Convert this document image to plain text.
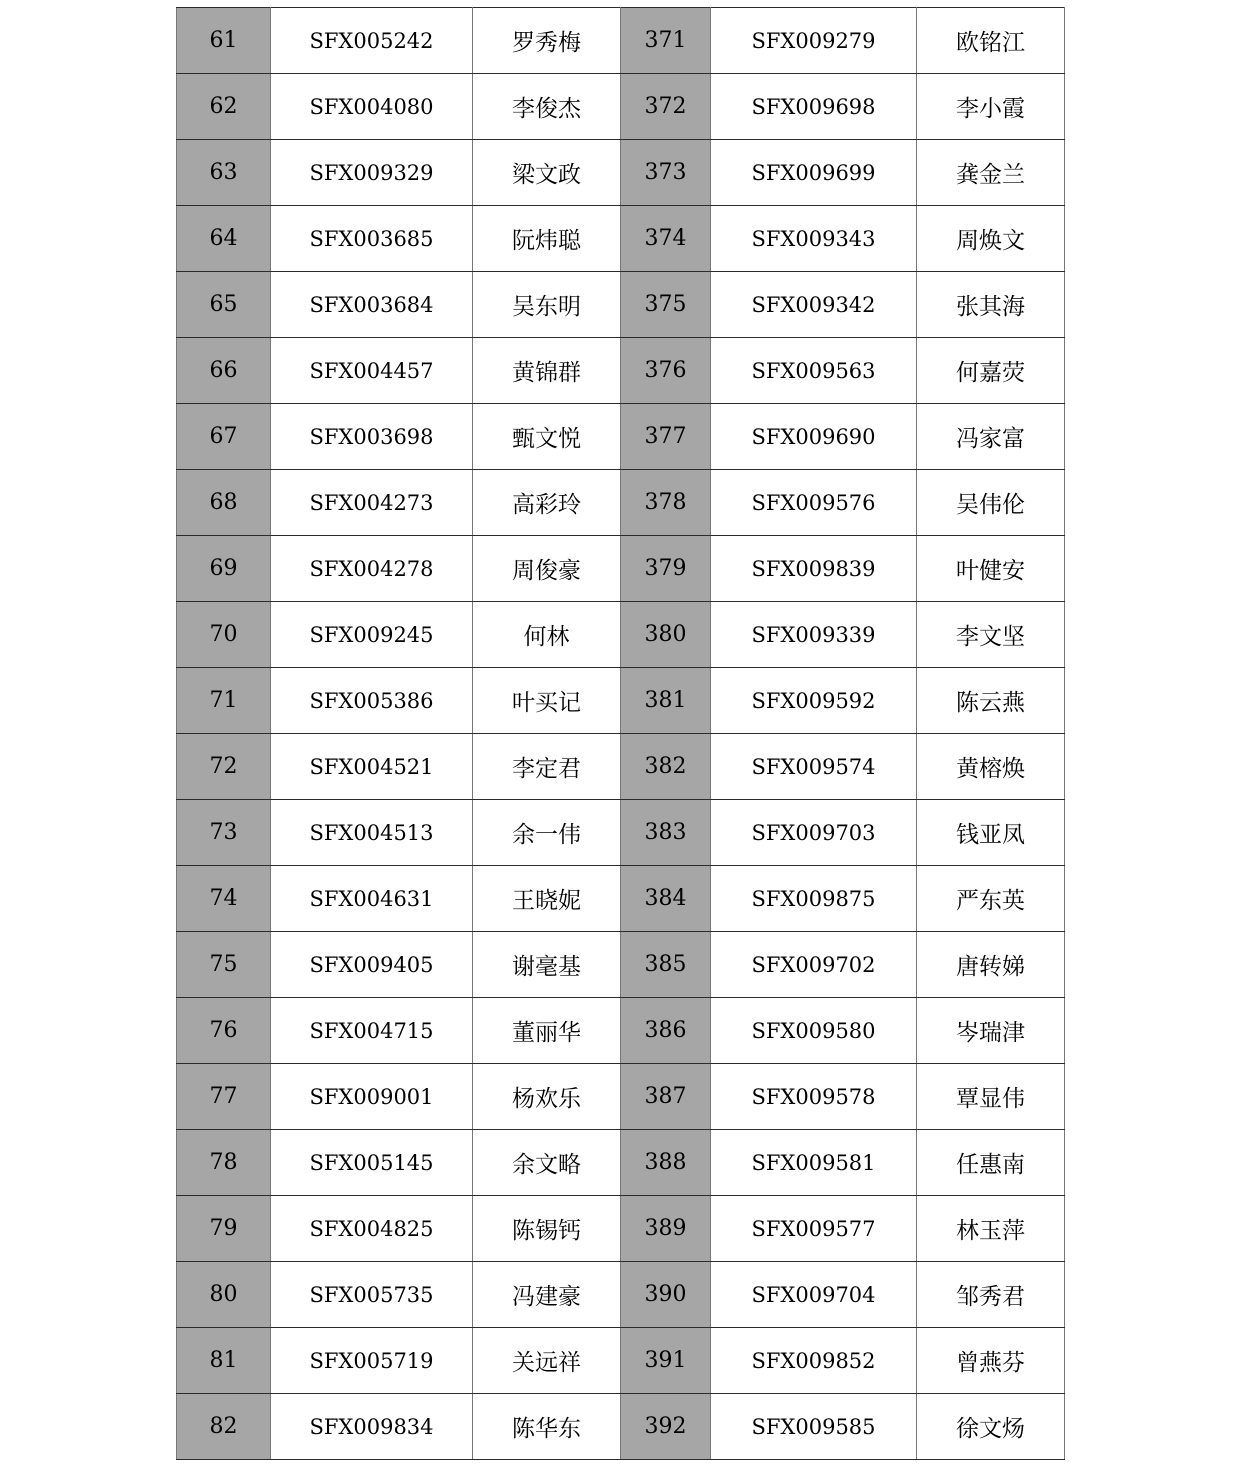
61	SFX005242	罗秀梅	371	SFX009279	欧铭江
62	SFX004080	李俊杰	372	SFX009698	李小霞
63	SFX009329	梁文政	373	SFX009699	龚金兰
64	SFX003685	阮炜聪	374	SFX009343	周焕文
65	SFX003684	吴东明	375	SFX009342	张其海
66	SFX004457	黄锦群	376	SFX009563	何嘉荧
67	SFX003698	甄文悦	377	SFX009690	冯家富
68	SFX004273	高彩玲	378	SFX009576	吴伟伦
69	SFX004278	周俊豪	379	SFX009839	叶健安
70	SFX009245	何林	380	SFX009339	李文坚
71	SFX005386	叶买记	381	SFX009592	陈云燕
72	SFX004521	李定君	382	SFX009574	黄榕焕
73	SFX004513	余一伟	383	SFX009703	钱亚凤
74	SFX004631	王晓妮	384	SFX009875	严东英
75	SFX009405	谢毫基	385	SFX009702	唐转娣
76	SFX004715	董丽华	386	SFX009580	岑瑞津
77	SFX009001	杨欢乐	387	SFX009578	覃显伟
78	SFX005145	余文略	388	SFX009581	任惠南
79	SFX004825	陈锡钙	389	SFX009577	林玉萍
80	SFX005735	冯建豪	390	SFX009704	邹秀君
81	SFX005719	关远祥	391	SFX009852	曾燕芬
82	SFX009834	陈华东	392	SFX009585	徐文炀
